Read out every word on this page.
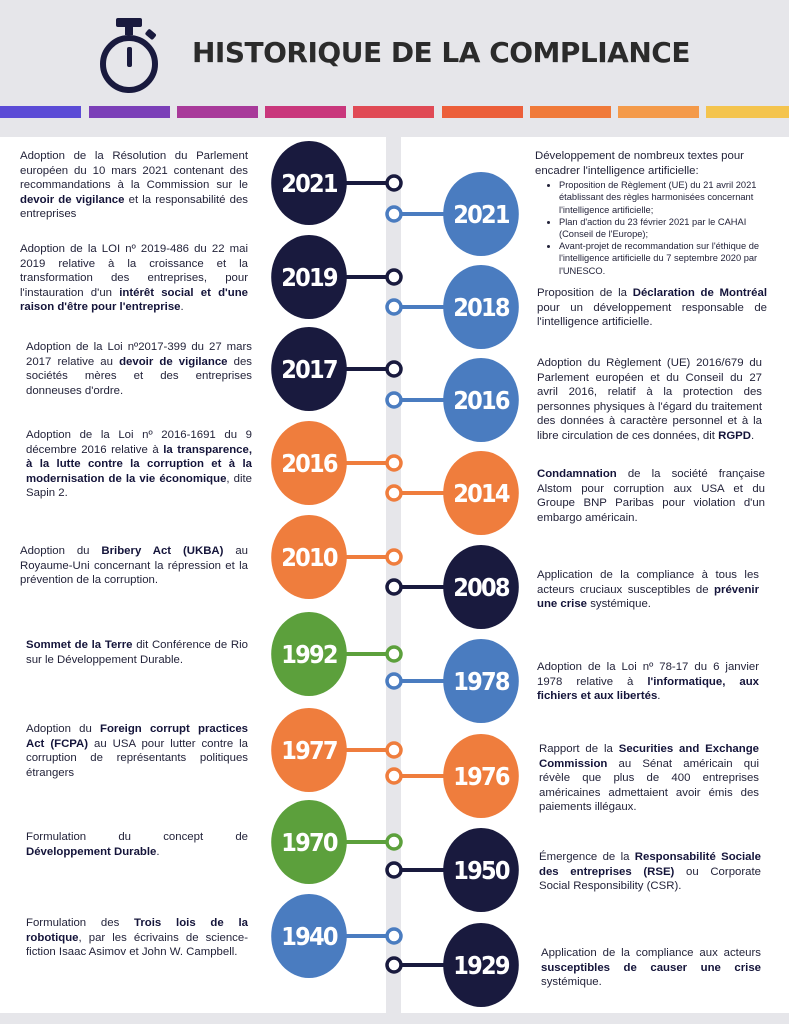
HISTORIQUE DE LA COMPLIANCE
2021
Adoption de la Résolution du Parlement européen du 10 mars 2021 contenant des recommandations à la Commission sur le devoir de vigilance et la responsabilité des entreprises
2019
Adoption de la LOI nº 2019-486 du 22 mai 2019 relative à la croissance et la transformation des entreprises, pour l'instauration d'un intérêt social et d'une raison d'être pour l'entreprise.
2017
Adoption de la Loi nº2017-399 du 27 mars 2017 relative au devoir de vigilance des sociétés mères et des entreprises donneuses d'ordre.
2016
Adoption de la Loi nº 2016-1691 du 9 décembre 2016 relative à la transparence, à la lutte contre la corruption et à la modernisation de la vie économique, dite Sapin 2.
2010
Adoption du Bribery Act (UKBA) au Royaume-Uni concernant la répression et la prévention de la corruption.
1992
Sommet de la Terre dit Conférence de Rio sur le Développement Durable.
1977
Adoption du Foreign corrupt practices Act (FCPA) au USA pour lutter contre la corruption de représentants politiques étrangers
1970
Formulation du concept de Développement Durable.
1940
Formulation des Trois lois de la robotique, par les écrivains de science-fiction Isaac Asimov et John W. Campbell.
2021
Développement de nombreux textes pour encadrer l'intelligence artificielle:
• Proposition de Règlement (UE) du 21 avril 2021 établissant des règles harmonisées concernant l'intelligence artificielle;
• Plan d'action du 23 février 2021 par le CAHAI (Conseil de l'Europe);
• Avant-projet de recommandation sur l'éthique de l'intelligence artificielle du 7 septembre 2020 par l'UNESCO.
2018	Proposition de la Déclaration de Montréal pour un développement responsable de l'intelligence artificielle.
2016
Adoption du Règlement (UE) 2016/679 du Parlement européen et du Conseil du 27 avril 2016, relatif à la protection des personnes physiques à l'égard du traitement des données à caractère personnel et à la libre circulation de ces données, dit RGPD.
2014
Condamnation de la société française Alstom pour corruption aux USA et du Groupe BNP Paribas pour violation d'un embargo américain.
2008	Application de la compliance à tous les acteurs cruciaux susceptibles de prévenir une crise systémique.
1978	Adoption de la Loi nº 78-17 du 6 janvier 1978 relative à l'informatique, aux fichiers et aux libertés.
1976
Rapport de la Securities and Exchange Commission au Sénat américain qui révèle que plus de 400 entreprises américaines admettaient avoir émis des paiements illégaux.
1950	Émergence de la Responsabilité Sociale des entreprises (RSE) ou Corporate Social Responsibility (CSR).
1929	Application de la compliance aux acteurs susceptibles de causer une crise systémique.
